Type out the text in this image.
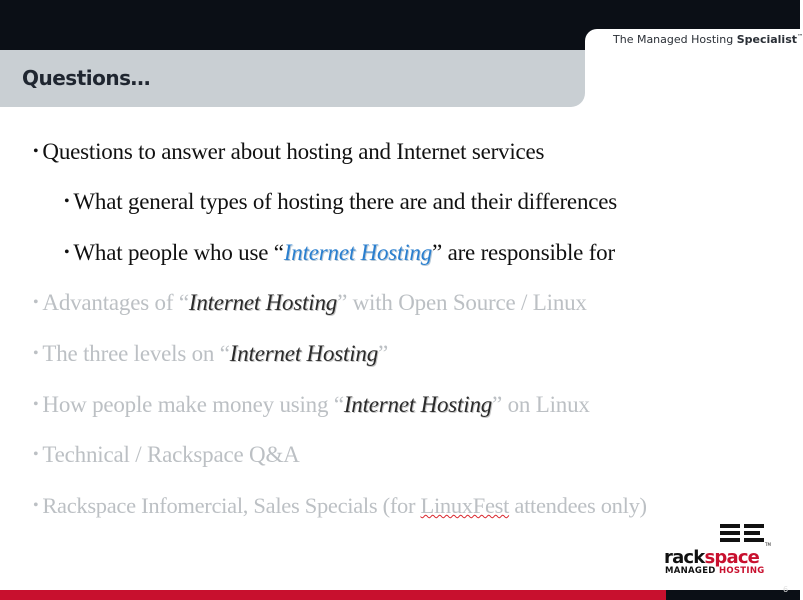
The Managed Hosting Specialist™
Questions…
• Questions to answer about hosting and Internet services
• What general types of hosting there are and their differences
• What people who use “Internet Hosting” are responsible for
• Advantages of “Internet Hosting” with Open Source / Linux
• The three levels on “Internet Hosting”
• How people make money using “Internet Hosting” on Linux
• Technical / Rackspace Q&A
• Rackspace Infomercial, Sales Specials (for LinuxFest attendees only)
TM
rackspace
MANAGED HOSTING
6
